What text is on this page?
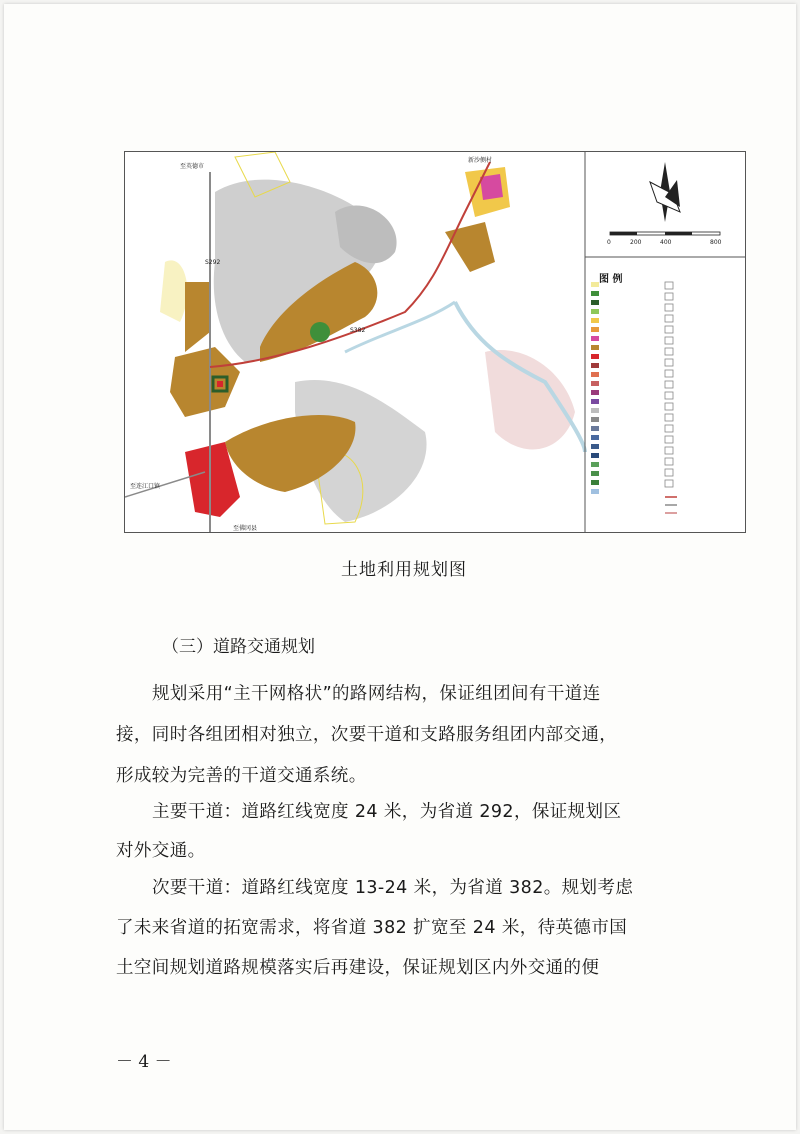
至英德市
新沙侧村
至佛冈县
至连江口镇
S292
S382
0	200	400	800
图 例
土地利用规划图
（三）道路交通规划
规划采用“主干网格状”的路网结构，保证组团间有干道连
接，同时各组团相对独立，次要干道和支路服务组团内部交通，
形成较为完善的干道交通系统。
主要干道：道路红线宽度 24 米，为省道 292，保证规划区
对外交通。
次要干道：道路红线宽度 13-24 米，为省道 382。规划考虑
了未来省道的拓宽需求，将省道 382 扩宽至 24 米，待英德市国
土空间规划道路规模落实后再建设，保证规划区内外交通的便
－ 4 －
